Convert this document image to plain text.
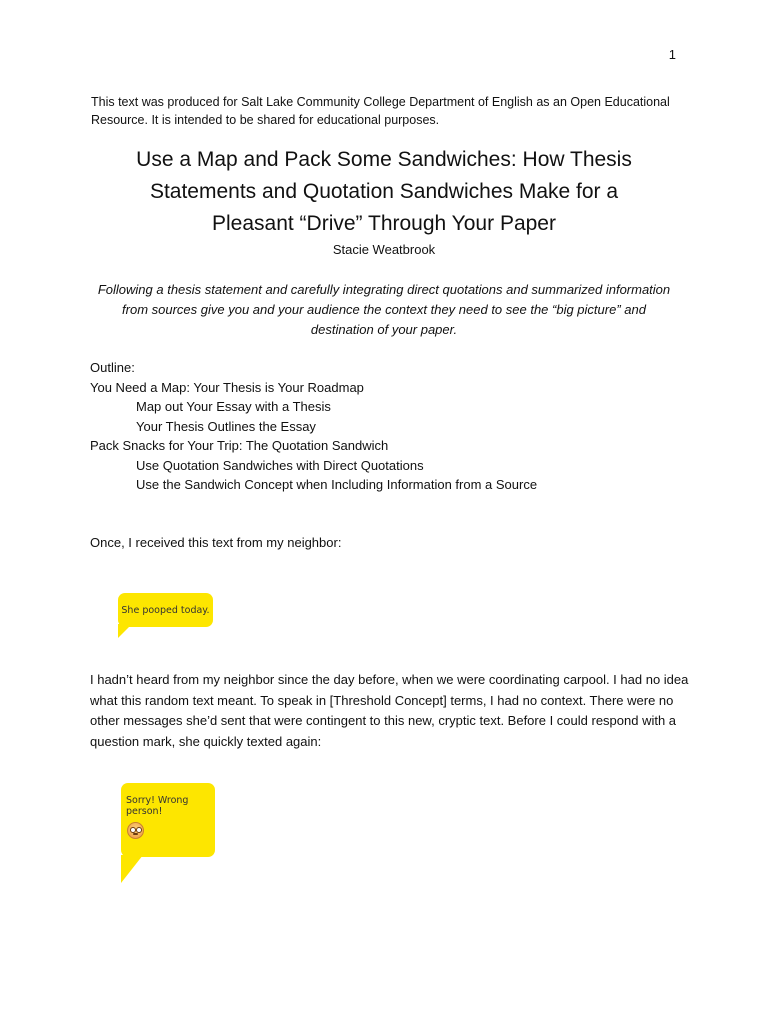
1
This text was produced for Salt Lake Community College Department of English as an Open Educational Resource. It is intended to be shared for educational purposes.
Use a Map and Pack Some Sandwiches: How Thesis
Statements and Quotation Sandwiches Make for a
Pleasant “Drive” Through Your Paper
Stacie Weatbrook
Following a thesis statement and carefully integrating direct quotations and summarized information from sources give you and your audience the context they need to see the “big picture” and destination of your paper.
Outline:
You Need a Map: Your Thesis is Your Roadmap
Map out Your Essay with a Thesis
Your Thesis Outlines the Essay
Pack Snacks for Your Trip: The Quotation Sandwich
Use Quotation Sandwiches with Direct Quotations
Use the Sandwich Concept when Including Information from a Source
Once, I received this text from my neighbor:
She pooped today.
I hadn’t heard from my neighbor since the day before, when we were coordinating carpool. I had no idea what this random text meant. To speak in [Threshold Concept] terms, I had no context. There were no other messages she’d sent that were contingent to this new, cryptic text. Before I could respond with a question mark, she quickly texted again:
Sorry! Wrong person!
